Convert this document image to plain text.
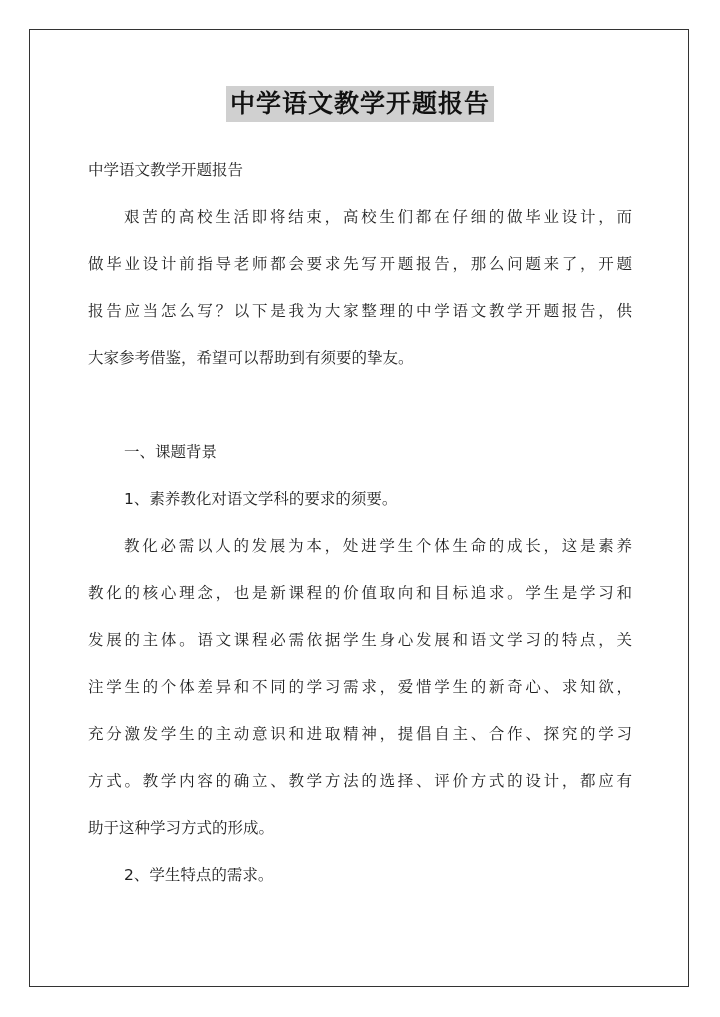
中学语文教学开题报告
中学语文教学开题报告
艰苦的高校生活即将结束，高校生们都在仔细的做毕业设计，而
做毕业设计前指导老师都会要求先写开题报告，那么问题来了，开题
报告应当怎么写？以下是我为大家整理的中学语文教学开题报告，供
大家参考借鉴，希望可以帮助到有须要的挚友。
一、课题背景
1、素养教化对语文学科的要求的须要。
教化必需以人的发展为本，处进学生个体生命的成长，这是素养
教化的核心理念，也是新课程的价值取向和目标追求。学生是学习和
发展的主体。语文课程必需依据学生身心发展和语文学习的特点，关
注学生的个体差异和不同的学习需求，爱惜学生的新奇心、求知欲，
充分激发学生的主动意识和进取精神，提倡自主、合作、探究的学习
方式。教学内容的确立、教学方法的选择、评价方式的设计，都应有
助于这种学习方式的形成。
2、学生特点的需求。
